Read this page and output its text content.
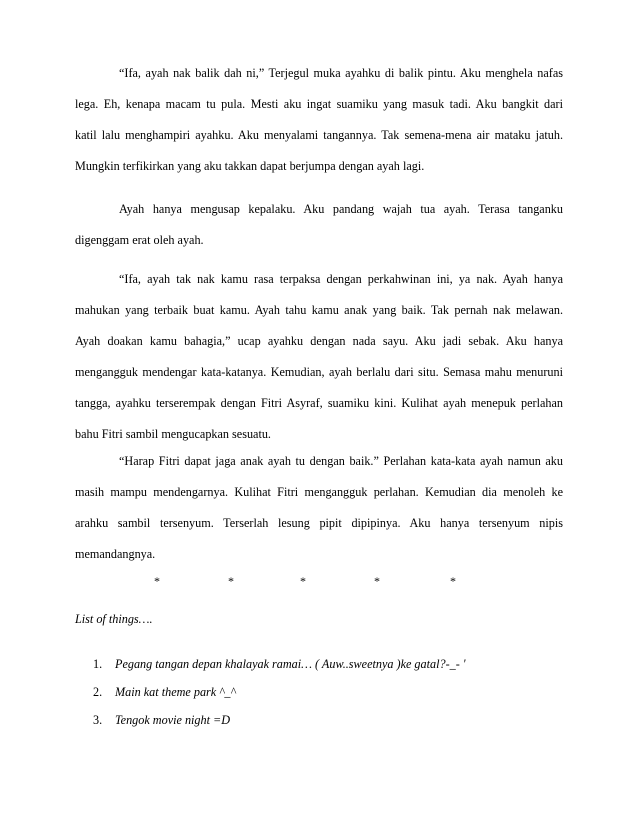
“Ifa, ayah nak balik dah ni,” Terjegul muka ayahku di balik pintu. Aku menghela nafas
lega. Eh, kenapa macam tu pula. Mesti aku ingat suamiku yang masuk tadi. Aku bangkit dari
katil lalu menghampiri ayahku. Aku menyalami tangannya. Tak semena-mena air mataku jatuh.
Mungkin terfikirkan yang aku takkan dapat berjumpa dengan ayah lagi.
Ayah hanya mengusap kepalaku. Aku pandang wajah tua ayah. Terasa tanganku
digenggam erat oleh ayah.
“Ifa, ayah tak nak kamu rasa terpaksa dengan perkahwinan ini, ya nak. Ayah hanya
mahukan yang terbaik buat kamu. Ayah tahu kamu anak yang baik. Tak pernah nak melawan.
Ayah doakan kamu bahagia,” ucap ayahku dengan nada sayu. Aku jadi sebak. Aku hanya
mengangguk mendengar kata-katanya. Kemudian, ayah berlalu dari situ. Semasa mahu menuruni
tangga, ayahku terserempak dengan Fitri Asyraf, suamiku kini. Kulihat ayah menepuk perlahan
bahu Fitri sambil mengucapkan sesuatu.
“Harap Fitri dapat jaga anak ayah tu dengan baik.” Perlahan kata-kata ayah namun aku
masih mampu mendengarnya. Kulihat Fitri mengangguk perlahan. Kemudian dia menoleh ke
arahku sambil tersenyum. Terserlah lesung pipit dipipinya. Aku hanya tersenyum nipis
memandangnya.
*	*	*	*	*
List of things….
1. Pegang tangan depan khalayak ramai… ( Auw..sweetnya )ke gatal?-_- '
2. Main kat theme park ^_^
3. Tengok movie night =D
